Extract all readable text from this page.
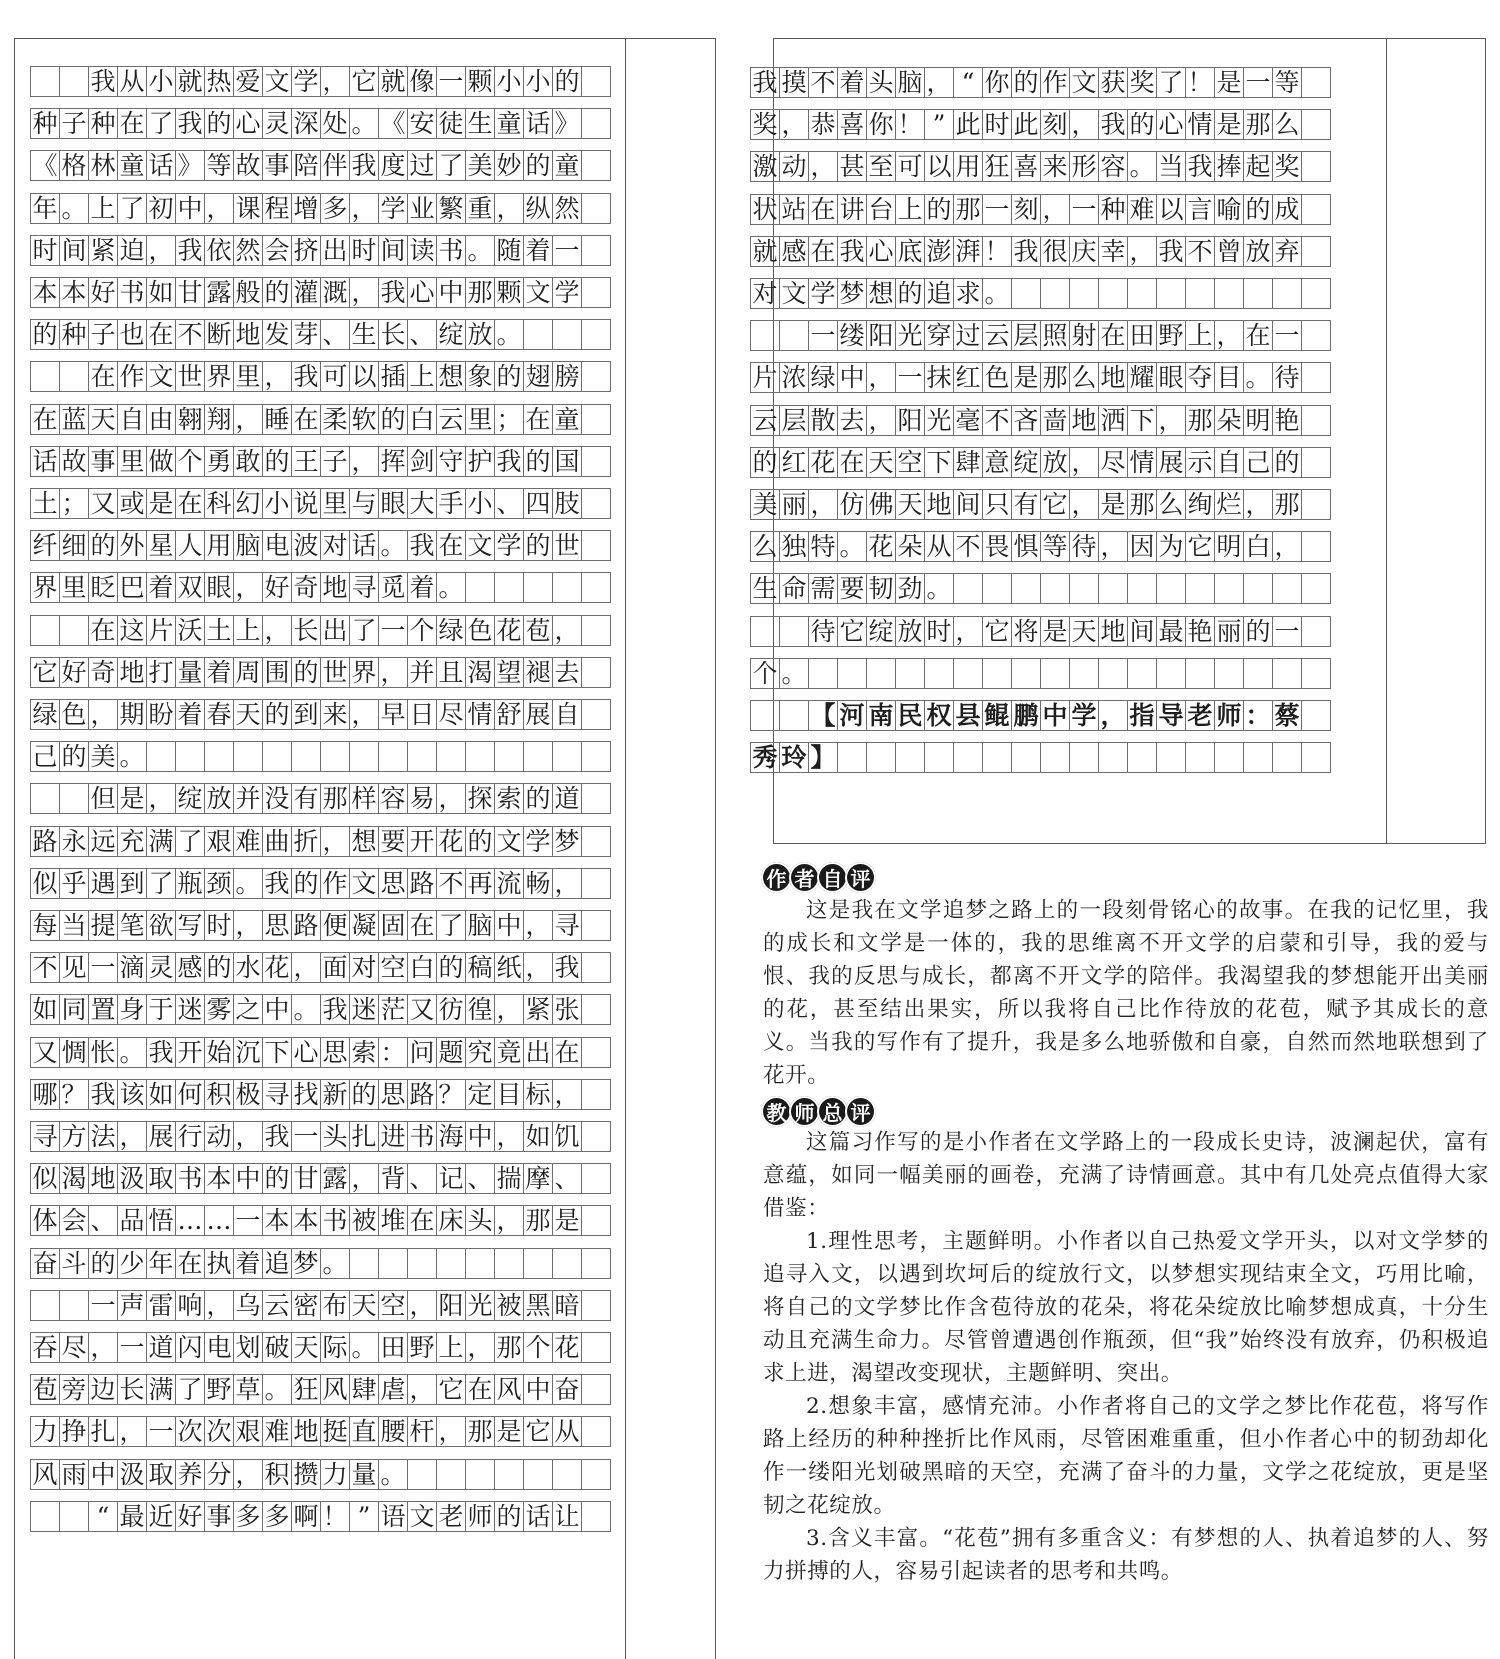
我 从 小 就 热 爱 文 学 ， 它 就 像 一 颗 小 小 的
种 子 种 在 了 我 的 心 灵 深 处 。 《 安 徒 生 童 话 》
《 格 林 童 话 》 等 故 事 陪 伴 我 度 过 了 美 妙 的 童
年 。 上 了 初 中 ， 课 程 增 多 ， 学 业 繁 重 ， 纵 然
时 间 紧 迫 ， 我 依 然 会 挤 出 时 间 读 书 。 随 着 一
本 本 好 书 如 甘 露 般 的 灌 溉 ， 我 心 中 那 颗 文 学
的 种 子 也 在 不 断 地 发 芽 、 生 长 、 绽 放 。
在 作 文 世 界 里 ， 我 可 以 插 上 想 象 的 翅 膀
在 蓝 天 自 由 翱 翔 ， 睡 在 柔 软 的 白 云 里 ； 在 童
话 故 事 里 做 个 勇 敢 的 王 子 ， 挥 剑 守 护 我 的 国
土 ； 又 或 是 在 科 幻 小 说 里 与 眼 大 手 小 、 四 肢
纤 细 的 外 星 人 用 脑 电 波 对 话 。 我 在 文 学 的 世
界 里 眨 巴 着 双 眼 ， 好 奇 地 寻 觅 着 。
在 这 片 沃 土 上 ， 长 出 了 一 个 绿 色 花 苞 ，
它 好 奇 地 打 量 着 周 围 的 世 界 ， 并 且 渴 望 褪 去
绿 色 ， 期 盼 着 春 天 的 到 来 ， 早 日 尽 情 舒 展 自
己 的 美 。
但 是 ， 绽 放 并 没 有 那 样 容 易 ， 探 索 的 道
路 永 远 充 满 了 艰 难 曲 折 ， 想 要 开 花 的 文 学 梦
似 乎 遇 到 了 瓶 颈 。 我 的 作 文 思 路 不 再 流 畅 ，
每 当 提 笔 欲 写 时 ， 思 路 便 凝 固 在 了 脑 中 ， 寻
不 见 一 滴 灵 感 的 水 花 ， 面 对 空 白 的 稿 纸 ， 我
如 同 置 身 于 迷 雾 之 中 。 我 迷 茫 又 彷 徨 ， 紧 张
又 惆 怅 。 我 开 始 沉 下 心 思 索 ： 问 题 究 竟 出 在
哪 ？ 我 该 如 何 积 极 寻 找 新 的 思 路 ？ 定 目 标 ，
寻 方 法 ， 展 行 动 ， 我 一 头 扎 进 书 海 中 ， 如 饥
似 渴 地 汲 取 书 本 中 的 甘 露 ， 背 、 记 、 揣 摩 、
体 会 、 品 悟 … … 一 本 本 书 被 堆 在 床 头 ， 那 是
奋 斗 的 少 年 在 执 着 追 梦 。
一 声 雷 响 ， 乌 云 密 布 天 空 ， 阳 光 被 黑 暗
吞 尽 ， 一 道 闪 电 划 破 天 际 。 田 野 上 ， 那 个 花
苞 旁 边 长 满 了 野 草 。 狂 风 肆 虐 ， 它 在 风 中 奋
力 挣 扎 ， 一 次 次 艰 难 地 挺 直 腰 杆 ， 那 是 它 从
风 雨 中 汲 取 养 分 ， 积 攒 力 量 。
“ 最 近 好 事 多 多 啊 ！ ” 语 文 老 师 的 话 让
我 摸 不 着 头 脑 ， “ 你 的 作 文 获 奖 了 ！ 是 一 等
奖 ， 恭 喜 你 ！ ” 此 时 此 刻 ， 我 的 心 情 是 那 么
激 动 ， 甚 至 可 以 用 狂 喜 来 形 容 。 当 我 捧 起 奖
状 站 在 讲 台 上 的 那 一 刻 ， 一 种 难 以 言 喻 的 成
就 感 在 我 心 底 澎 湃 ！ 我 很 庆 幸 ， 我 不 曾 放 弃
对 文 学 梦 想 的 追 求 。
一 缕 阳 光 穿 过 云 层 照 射 在 田 野 上 ， 在 一
片 浓 绿 中 ， 一 抹 红 色 是 那 么 地 耀 眼 夺 目 。 待
云 层 散 去 ， 阳 光 毫 不 吝 啬 地 洒 下 ， 那 朵 明 艳
的 红 花 在 天 空 下 肆 意 绽 放 ， 尽 情 展 示 自 己 的
美 丽 ， 仿 佛 天 地 间 只 有 它 ， 是 那 么 绚 烂 ， 那
么 独 特 。 花 朵 从 不 畏 惧 等 待 ， 因 为 它 明 白 ，
生 命 需 要 韧 劲 。
待 它 绽 放 时 ， 它 将 是 天 地 间 最 艳 丽 的 一
个 。
【 河 南 民 权 县 鲲 鹏 中 学 ， 指 导 老 师 ： 蔡
秀 玲 】
作 者 自 评

这是我在文学追梦之路上的一段刻骨铭心的故事。在我的记忆里，我的成长和文学是一体的，我的思维离不开文学的启蒙和引导，我的爱与恨、我的反思与成长，都离不开文学的陪伴。我渴望我的梦想能开出美丽的花，甚至结出果实，所以我将自己比作待放的花苞，赋予其成长的意义。当我的写作有了提升，我是多么地骄傲和自豪，自然而然地联想到了花开。

教 师 总 评

这篇习作写的是小作者在文学路上的一段成长史诗，波澜起伏，富有意蕴，如同一幅美丽的画卷，充满了诗情画意。其中有几处亮点值得大家借鉴：

1.理性思考，主题鲜明。小作者以自己热爱文学开头，以对文学梦的追寻入文，以遇到坎坷后的绽放行文，以梦想实现结束全文，巧用比喻，将自己的文学梦比作含苞待放的花朵，将花朵绽放比喻梦想成真，十分生动且充满生命力。尽管曾遭遇创作瓶颈，但“我”始终没有放弃，仍积极追求上进，渴望改变现状，主题鲜明、突出。

2.想象丰富，感情充沛。小作者将自己的文学之梦比作花苞，将写作路上经历的种种挫折比作风雨，尽管困难重重，但小作者心中的韧劲却化作一缕阳光划破黑暗的天空，充满了奋斗的力量，文学之花绽放，更是坚韧之花绽放。

3.含义丰富。“花苞”拥有多重含义：有梦想的人、执着追梦的人、努力拼搏的人，容易引起读者的思考和共鸣。
